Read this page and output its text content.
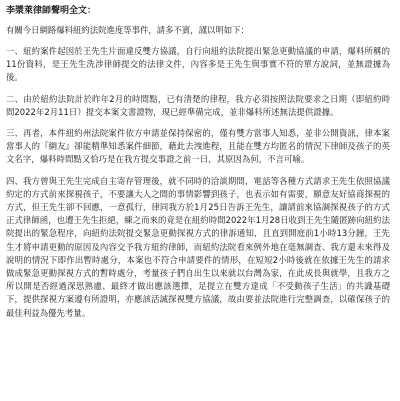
李漿萊律師聲明全文：
有關今日網路爆料紐約法院進度等事件，請多不賓，謹以明如下：

一、紐約案件起因於王先生片面違反雙方協議，自行向紐約法院提出緊急更動協議的申請，爆料所稱的11份資料，是王先生洗涉律師提交的法律文件，內容多是王先生與事實不符的單方說詞，並無證據為後。

二、由於紐約法院計於昨年2月的時間點，已有清楚的律程，我方必須按照法院要求之日期（即紐約時間2022年2月11日）提交本案文書證物，現已經準備完成，並非爆料所述無法提供證據。

三、再者，本件紐約州法院案件依方申請並保持保密的，僅有雙方當事人知悉，並非公開資訊，律本案當事人的『網友』卻能精準知悉案件細節，藉此去洩進程，且能在雙方均匿名的情況下律師及孩子的英文名字，爆料時間點又恰巧是在我方提交事證之前一日，其原因為何，不言可喻。

四、我方曾與王先生完成自主寄存管理後，就不同時的洽談期間，電話等各種方式請求王先生依照協議約定的方式前來探視孩子，不要讓大人之間的事情影響到孩子，也表示如有需要，願意友好協商探視的方式，但王先生卻不回應，一意孤行，律同我方於1月25日告訴王先生，讓請前來協調探視孩子的方式正式律師函，也遭王先生拒絕，練之而來的竟是在紐約時間2022年1月28日收到王先生隨匿跡向紐約法院提出的緊急程序，向紐約法院提交緊急更動探視方式的律訴通知，且直到開庭前1小時13分鐘，王先生才將申請更動的原因及內容交予我方紐約律師，而紐約法院看來例外地在毫無調查、我方還未來得及說明的情況下即作出暫時處分，本案也不符合申請要件的情形，在短短2小時後就在依據王先生的請求做成緊急更動探視方式的暫時處分，考量孩子們自出生以來就以台灣為家，在此成長與就學，且我方之所以開是否經過深思熟慮、最終才做出應該選擇，足提立在雙方達成「不受動孩子生活」的共識基礎下，提供探視方案遵有所證明，亦應該活誠探視雙方協議，故由要並法院進行完整調查，以確保孩子的最佳利益為優先考量。
